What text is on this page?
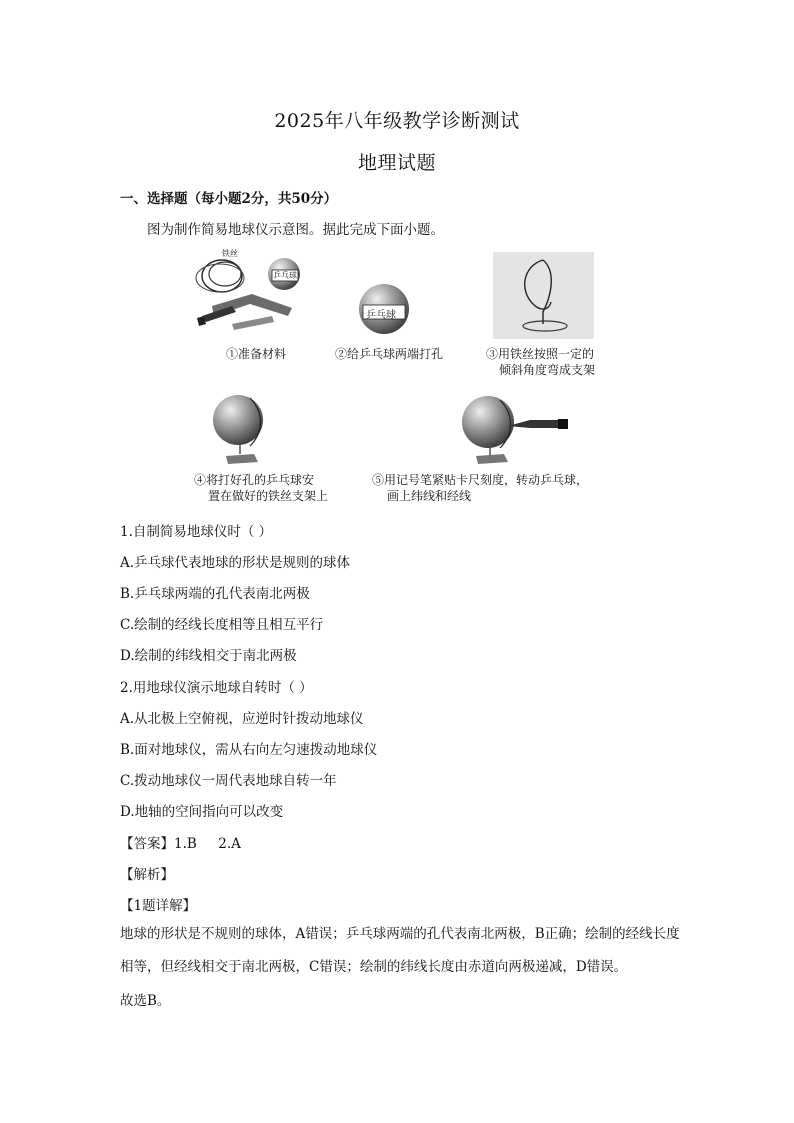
2025年八年级教学诊断测试
地理试题
一、选择题（每小题2分，共50分）
图为制作简易地球仪示意图。据此完成下面小题。
铁丝
乒乓球
乒乓球
①准备材料	②给乒乓球两端打孔	③用铁丝按照一定的
倾斜角度弯成支架
④将打好孔的乒乓球安
置在做好的铁丝支架上
⑤用记号笔紧贴卡尺刻度，转动乒乓球，
画上纬线和经线
1.自制简易地球仪时（ ）
A.乒乓球代表地球的形状是规则的球体
B.乒乓球两端的孔代表南北两极
C.绘制的经线长度相等且相互平行
D.绘制的纬线相交于南北两极
2.用地球仪演示地球自转时（ ）
A.从北极上空俯视，应逆时针拨动地球仪
B.面对地球仪，需从右向左匀速拨动地球仪
C.拨动地球仪一周代表地球自转一年
D.地轴的空间指向可以改变
【答案】1.B     2.A
【解析】
【1题详解】
地球的形状是不规则的球体，A错误；乒乓球两端的孔代表南北两极，B正确；绘制的经线长度相等，但经线相交于南北两极，C错误；绘制的纬线长度由赤道向两极递减，D错误。
故选B。
